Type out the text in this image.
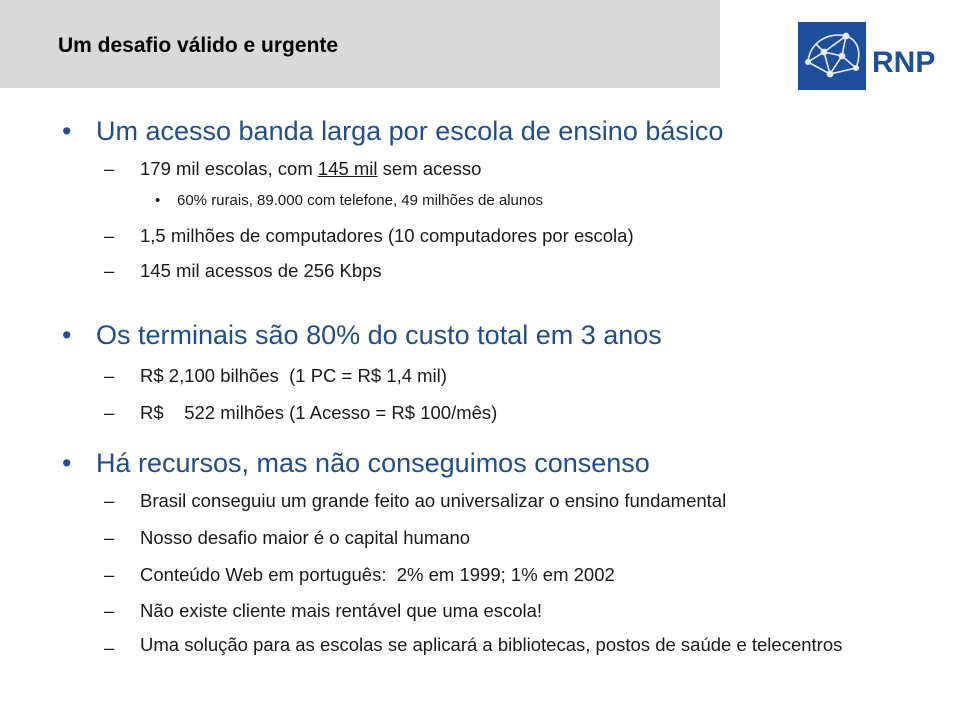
Um desafio válido e urgente
RNP
• Um acesso banda larga por escola de ensino básico
– 179 mil escolas, com 145 mil sem acesso
• 60% rurais, 89.000 com telefone, 49 milhões de alunos
– 1,5 milhões de computadores (10 computadores por escola)
– 145 mil acessos de 256 Kbps
• Os terminais são 80% do custo total em 3 anos
– R$ 2,100 bilhões  (1 PC = R$ 1,4 mil)
– R$    522 milhões (1 Acesso = R$ 100/mês)
• Há recursos, mas não conseguimos consenso
– Brasil conseguiu um grande feito ao universalizar o ensino fundamental
– Nosso desafio maior é o capital humano
– Conteúdo Web em português:  2% em 1999; 1% em 2002
– Não existe cliente mais rentável que uma escola!
– Uma solução para as escolas se aplicará a bibliotecas, postos de saúde e telecentros
